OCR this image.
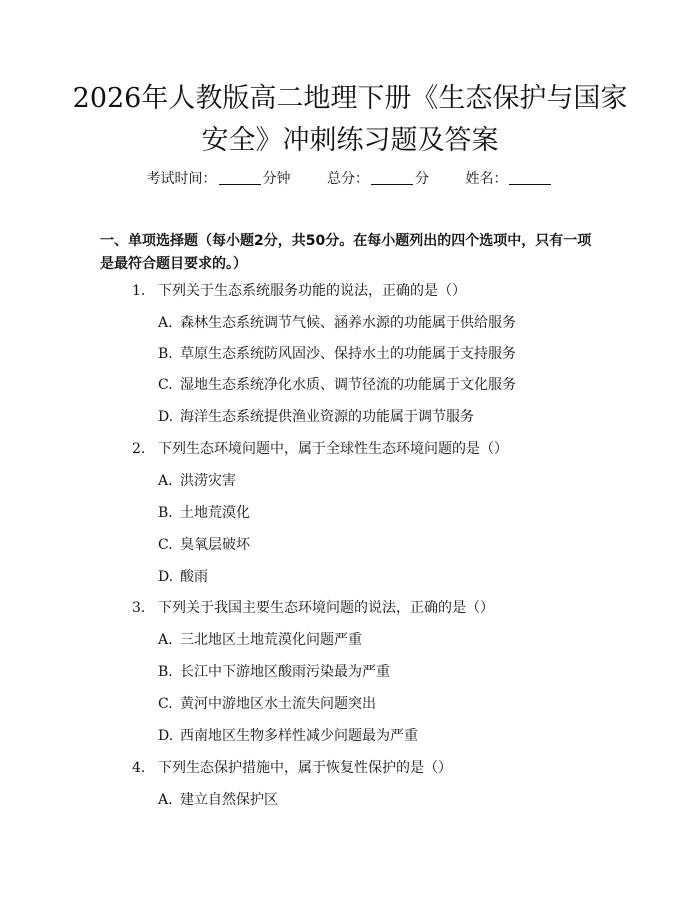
2026年人教版高二地理下册《生态保护与国家安全》冲刺练习题及答案
考试时间：	分钟	总分：	分	姓名：
一、单项选择题（每小题2分，共50分。在每小题列出的四个选项中，只有一项是最符合题目要求的。）
1. 下列关于生态系统服务功能的说法，正确的是（）
A. 森林生态系统调节气候、涵养水源的功能属于供给服务
B. 草原生态系统防风固沙、保持水土的功能属于支持服务
C. 湿地生态系统净化水质、调节径流的功能属于文化服务
D. 海洋生态系统提供渔业资源的功能属于调节服务
2. 下列生态环境问题中，属于全球性生态环境问题的是（）
A. 洪涝灾害
B. 土地荒漠化
C. 臭氧层破坏
D. 酸雨
3. 下列关于我国主要生态环境问题的说法，正确的是（）
A. 三北地区土地荒漠化问题严重
B. 长江中下游地区酸雨污染最为严重
C. 黄河中游地区水土流失问题突出
D. 西南地区生物多样性减少问题最为严重
4. 下列生态保护措施中，属于恢复性保护的是（）
A. 建立自然保护区
